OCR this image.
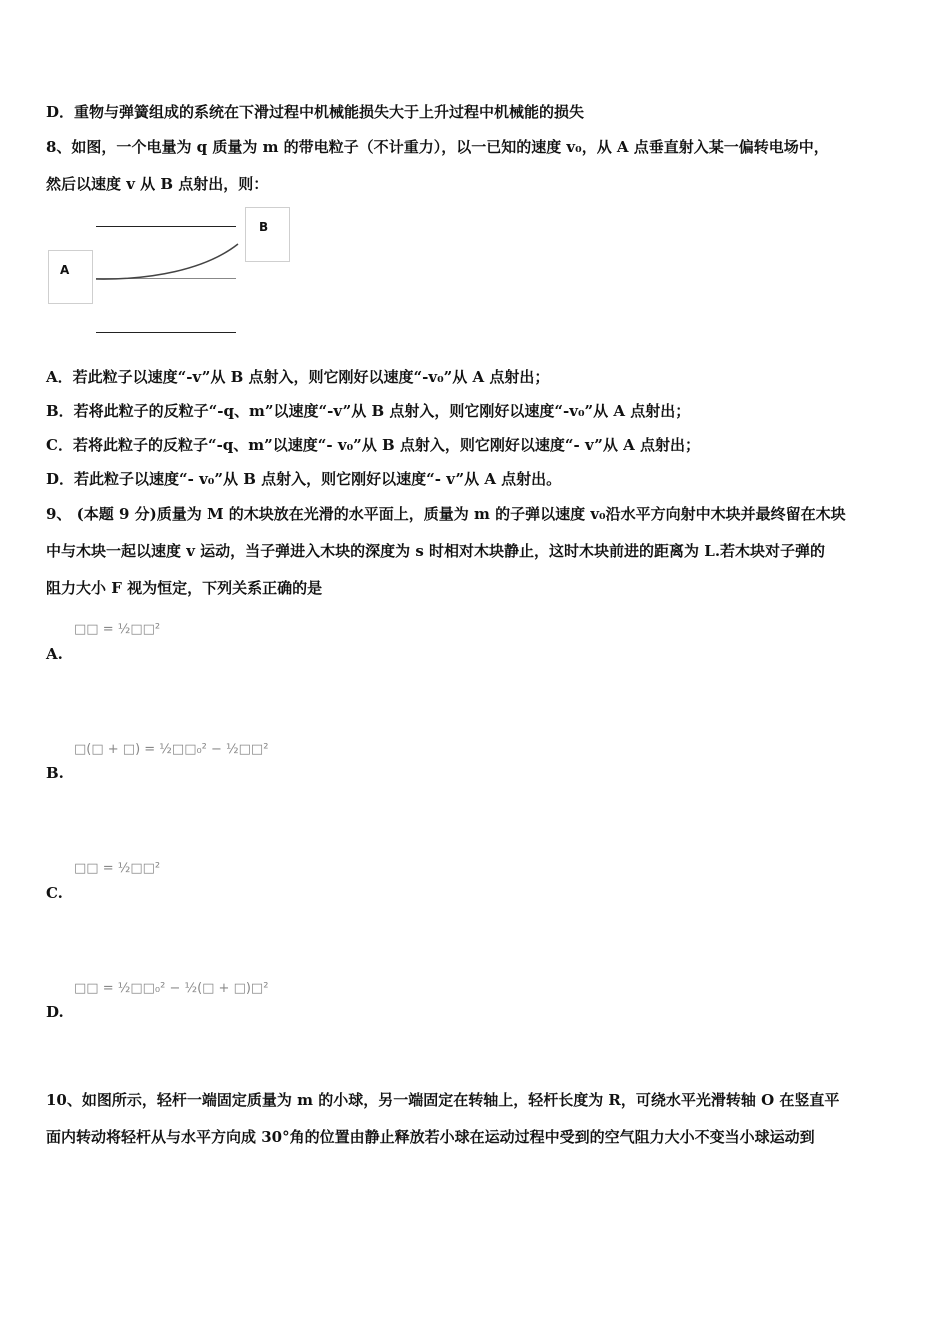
D．重物与弹簧组成的系统在下滑过程中机械能损失大于上升过程中机械能的损失
8、如图，一个电量为 q 质量为 m 的带电粒子（不计重力），以一已知的速度 v₀，从 A 点垂直射入某一偏转电场中，
然后以速度 v 从 B 点射出，则：
A
B
A．若此粒子以速度“-v”从 B 点射入，则它刚好以速度“-v₀”从 A 点射出；
B．若将此粒子的反粒子“-q、m”以速度“-v”从 B 点射入，则它刚好以速度“-v₀”从 A 点射出；
C．若将此粒子的反粒子“-q、m”以速度“- v₀”从 B 点射入，则它刚好以速度“- v”从 A 点射出；
D．若此粒子以速度“- v₀”从 B 点射入，则它刚好以速度“- v”从 A 点射出。
9、 (本题 9 分)质量为 M 的木块放在光滑的水平面上，质量为 m 的子弹以速度 v₀沿水平方向射中木块并最终留在木块
中与木块一起以速度 v 运动，当子弹进入木块的深度为 s 时相对木块静止，这时木块前进的距离为 L.若木块对子弹的
阻力大小 F 视为恒定，下列关系正确的是
□□ = ½□□²
A.
□(□ + □) = ½□□₀² − ½□□²
B.
□□ = ½□□²
C.
□□ = ½□□₀² − ½(□ + □)□²
D.
10、如图所示，轻杆一端固定质量为 m 的小球，另一端固定在转轴上，轻杆长度为 R，可绕水平光滑转轴 O 在竖直平
面内转动将轻杆从与水平方向成 30°角的位置由静止释放若小球在运动过程中受到的空气阻力大小不变当小球运动到
